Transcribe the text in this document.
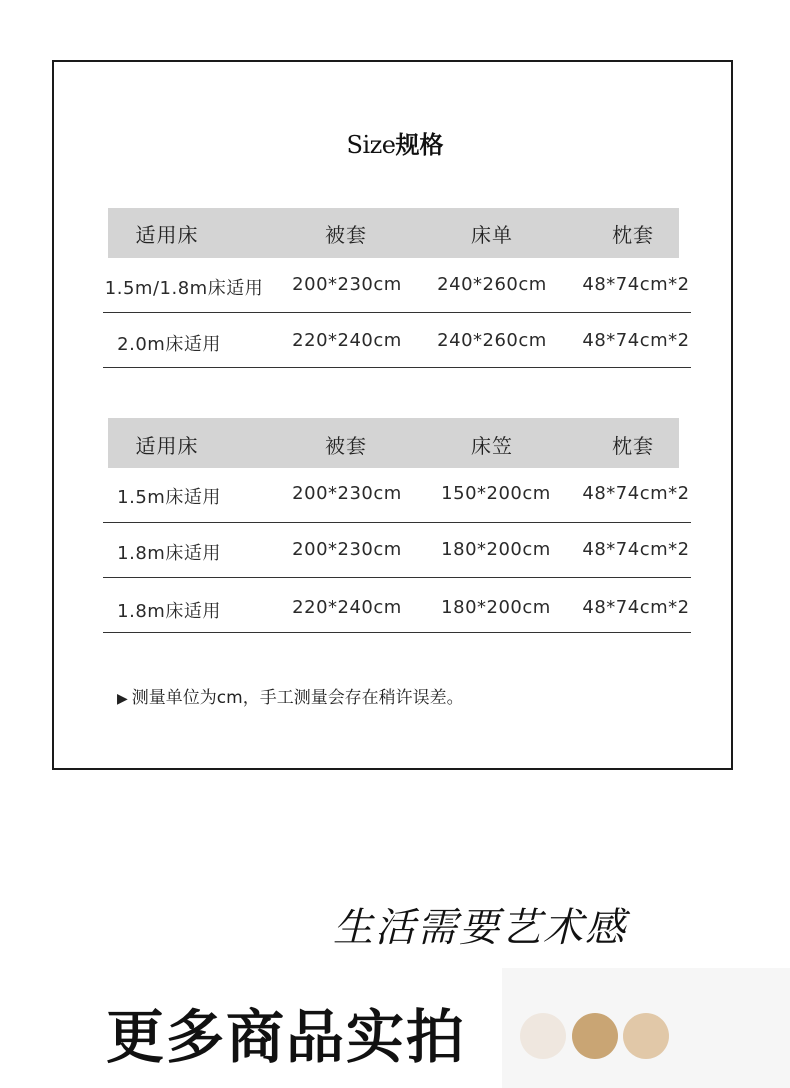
Size规格
适用床	被套	床单	枕套
1.5m/1.8m床适用 200*230cm 240*260cm 48*74cm*2
2.0m床适用	220*240cm 240*260cm 48*74cm*2
适用床	被套	床笠	枕套
1.5m床适用	200*230cm 150*200cm 48*74cm*2
1.8m床适用	200*230cm 180*200cm 48*74cm*2
1.8m床适用	220*240cm 180*200cm 48*74cm*2
▶ 测量单位为cm，手工测量会存在稍许误差。
生活需要艺术感
更多商品实拍
